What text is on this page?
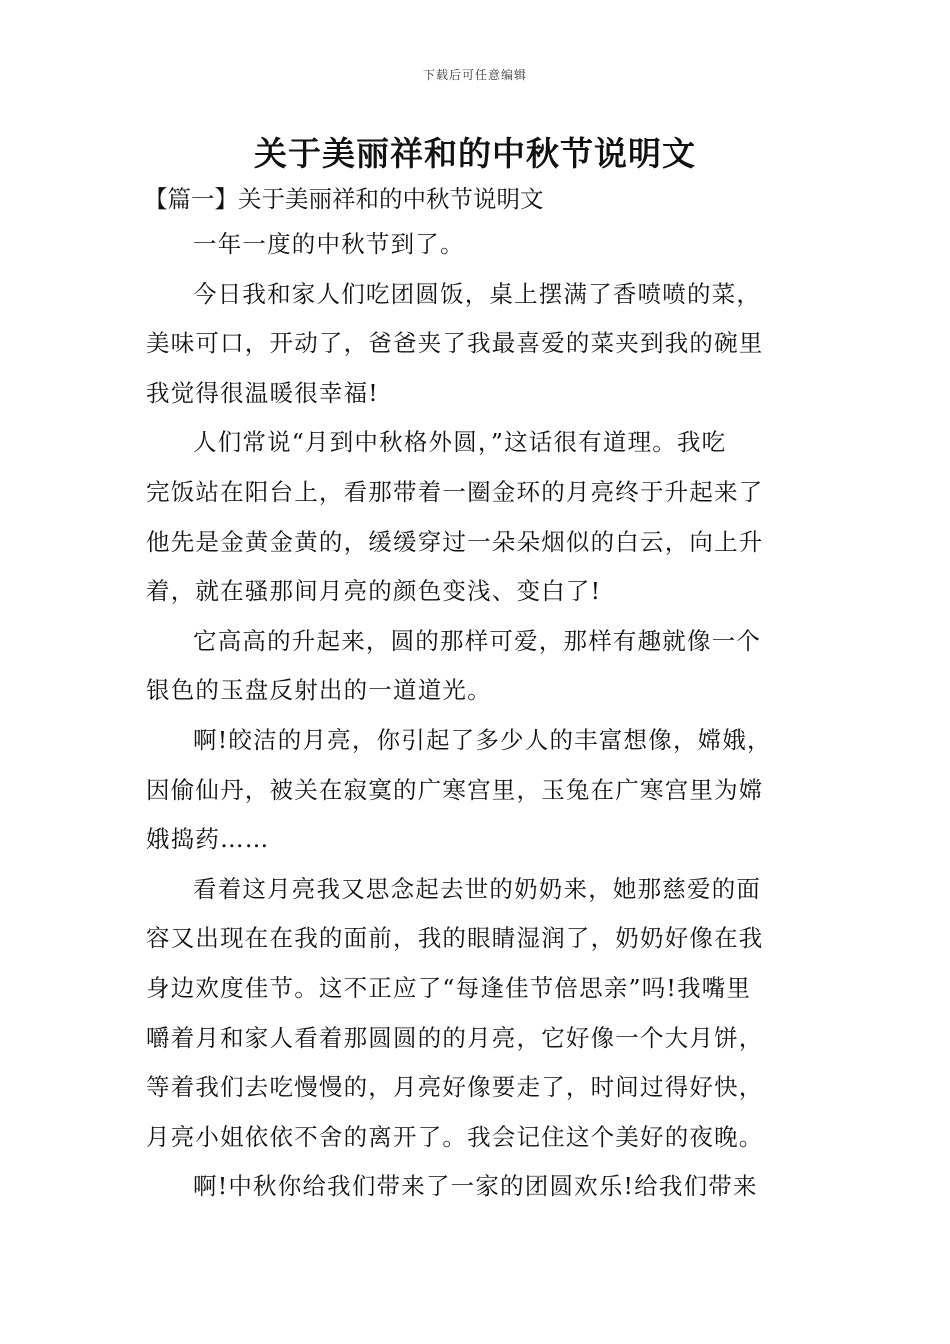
下载后可任意编辑
关于美丽祥和的中秋节说明文
【篇一】关于美丽祥和的中秋节说明文

一年一度的中秋节到了。

今日我和家人们吃团圆饭，桌上摆满了香喷喷的菜，
美味可口，开动了，爸爸夹了我最喜爱的菜夹到我的碗里
我觉得很温暖很幸福!

人们常说“月到中秋格外圆，”这话很有道理。我吃
完饭站在阳台上，看那带着一圈金环的月亮终于升起来了
他先是金黄金黄的，缓缓穿过一朵朵烟似的白云，向上升
着，就在骚那间月亮的颜色变浅、变白了!

它高高的升起来，圆的那样可爱，那样有趣就像一个
银色的玉盘反射出的一道道光。

啊!皎洁的月亮，你引起了多少人的丰富想像，嫦娥，
因偷仙丹，被关在寂寞的广寒宫里，玉兔在广寒宫里为嫦
娥捣药……

看着这月亮我又思念起去世的奶奶来，她那慈爱的面
容又出现在在我的面前，我的眼睛湿润了，奶奶好像在我
身边欢度佳节。这不正应了“每逢佳节倍思亲”吗!我嘴里
嚼着月和家人看着那圆圆的的月亮，它好像一个大月饼，
等着我们去吃慢慢的，月亮好像要走了，时间过得好快，
月亮小姐依依不舍的离开了。我会记住这个美好的夜晚。

啊!中秋你给我们带来了一家的团圆欢乐!给我们带来
